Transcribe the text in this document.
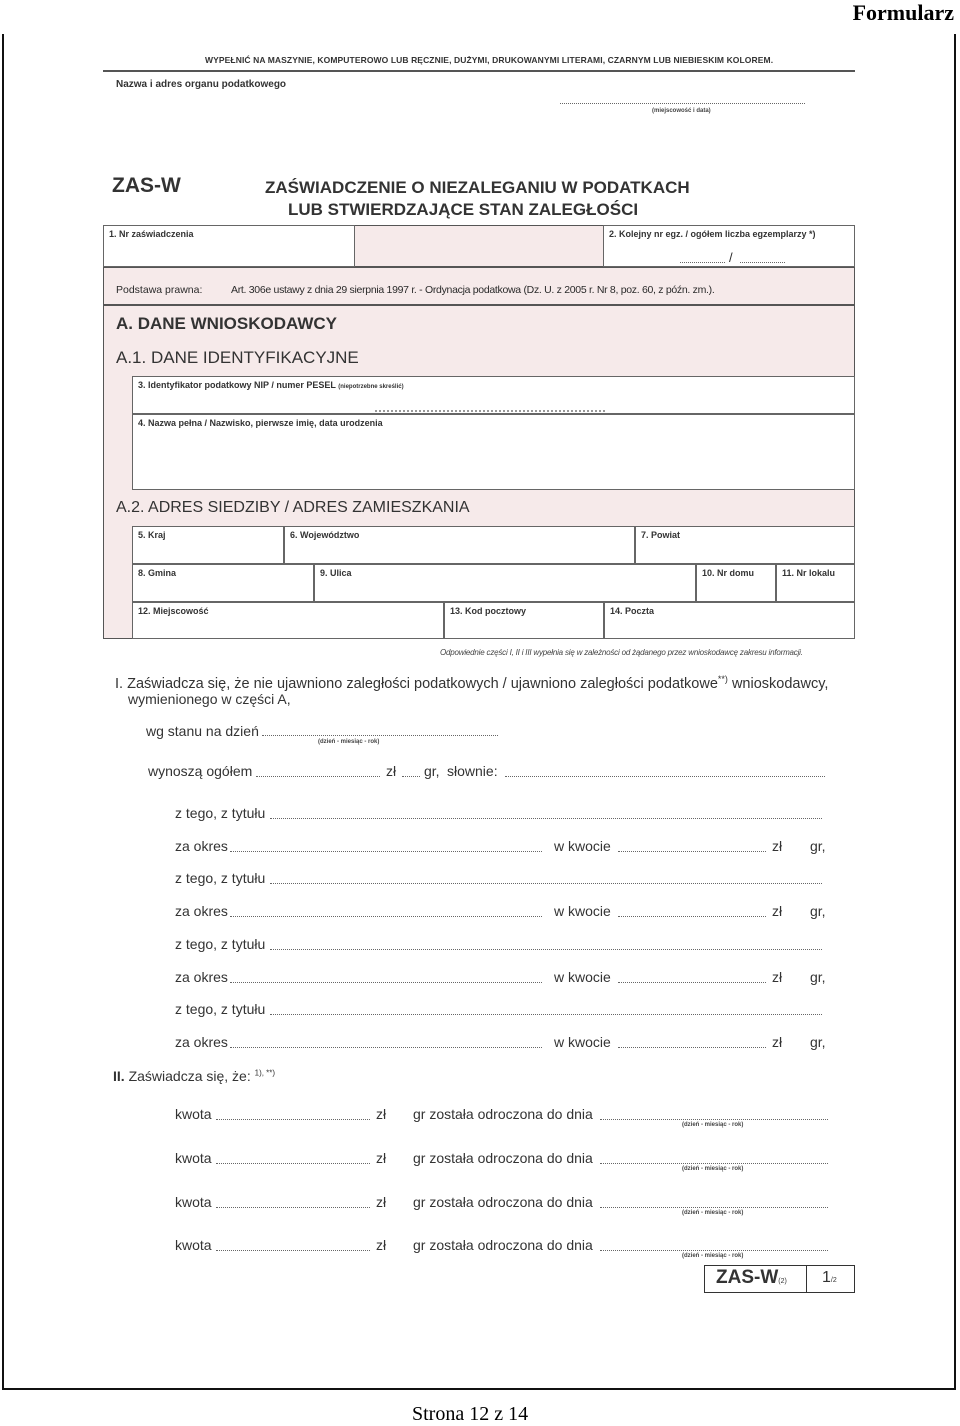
Formularz
WYPEŁNIĆ NA MASZYNIE, KOMPUTEROWO LUB RĘCZNIE, DUŻYMI, DRUKOWANYMI LITERAMI, CZARNYM LUB NIEBIESKIM KOLOREM.
Nazwa i adres organu podatkowego
(miejscowość i data)
ZAS-W	ZAŚWIADCZENIE O NIEZALEGANIU W PODATKACH
LUB STWIERDZAJĄCE STAN ZALEGŁOŚCI
1. Nr zaświadczenia	2. Kolejny nr egz. / ogółem liczba egzemplarzy *)
/
Podstawa prawna:	Art. 306e ustawy z dnia 29 sierpnia 1997 r. - Ordynacja podatkowa (Dz. U. z 2005 r. Nr 8, poz. 60, z późn. zm.).
A. DANE WNIOSKODAWCY
A.1. DANE IDENTYFIKACYJNE
3. Identyfikator podatkowy NIP / numer PESEL (niepotrzebne skreślić)
4. Nazwa pełna / Nazwisko, pierwsze imię, data urodzenia
A.2. ADRES SIEDZIBY / ADRES ZAMIESZKANIA
5. Kraj	6. Województwo	7. Powiat
8. Gmina	9. Ulica	10. Nr domu	11. Nr lokalu
12. Miejscowość	13. Kod pocztowy	14. Poczta
Odpowiednie części I, II i III wypełnia się w zależności od żądanego przez wnioskodawcę zakresu informacji.
I. Zaświadcza się, że nie ujawniono zaległości podatkowych / ujawniono zaległości podatkowe**) wnioskodawcy,
wymienionego w części A,
wg stanu na dzień
(dzień - miesiąc - rok)
wynoszą ogółem	zł gr, słownie:
z tego, z tytułu
za okres	w kwocie	zł gr,
z tego, z tytułu
za okres	w kwocie	zł gr,
z tego, z tytułu
za okres	w kwocie	zł gr,
z tego, z tytułu
za okres	w kwocie	zł gr,
II. Zaświadcza się, że: $^{1), **)}$
kwota	zł gr została odroczona do dnia
(dzień - miesiąc - rok)
kwota	zł gr została odroczona do dnia
(dzień - miesiąc - rok)
kwota	zł gr została odroczona do dnia
(dzień - miesiąc - rok)
kwota	zł gr została odroczona do dnia
(dzień - miesiąc - rok)
ZAS-W(2) 1/2
Strona 12 z 14
